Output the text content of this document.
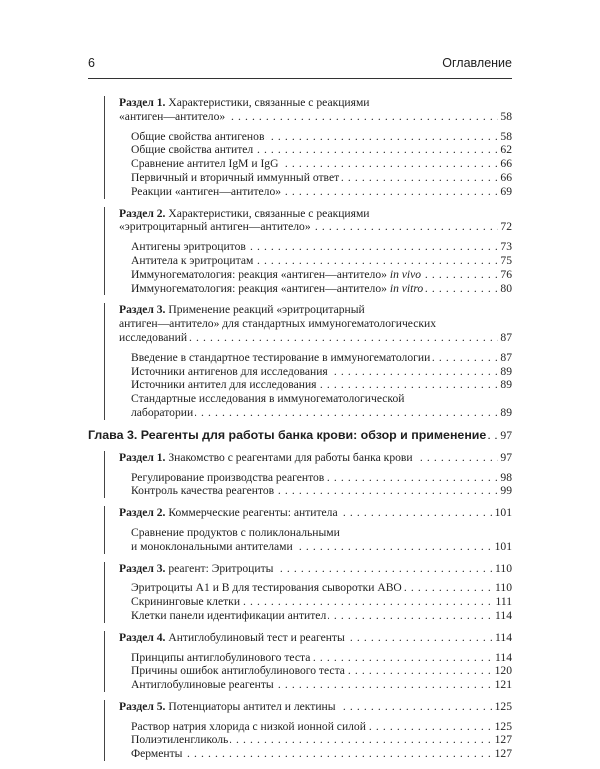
6	Оглавление
Раздел 1. Характеристики, связанные с реакциями
«антиген—антитело»	58
. . .
Общие свойства антигенов	58
. . .
Общие свойства антител	62
. . .
Сравнение антител IgM и IgG	66
. . .
Первичный и вторичный иммунный ответ	66
. . .
Реакции «антиген—антитело»	69
. . .
Раздел 2. Характеристики, связанные с реакциями
«эритроцитарный антиген—антитело»	72
. . .
Антигены эритроцитов	73
. . .
Антитела к эритроцитам	75
. . .
Иммуногематология: реакция «антиген—антитело» in vivo	76
. . .
Иммуногематология: реакция «антиген—антитело» in vitro	80
. . .
Раздел 3. Применение реакций «эритроцитарный
антиген—антитело» для стандартных иммуногематологических
исследований	87
. . .
Введение в стандартное тестирование в иммуногематологии	87
. . .
Источники антигенов для исследования	89
. . .
Источники антител для исследования	89
. . .
Стандартные исследования в иммуногематологической
лаборатории	89
. . .
Глава 3. Реагенты для работы банка крови: обзор и применение 97
. . .
Раздел 1. Знакомство с реагентами для работы банка крови	97
. . .
Регулирование производства реагентов	98
. . .
Контроль качества реагентов	99
. . .
Раздел 2. Коммерческие реагенты: антитела	101
. . .
Сравнение продуктов с поликлональными
и моноклональными антителами	101
. . .
Раздел 3. реагент: Эритроциты	110
. . .
Эритроциты A1 и B для тестирования сыворотки ABO	110
. . .
Скрининговые клетки	111
. . .
Клетки панели идентификации антител	114
. . .
Раздел 4. Антиглобулиновый тест и реагенты	114
. . .
Принципы антиглобулинового теста	114
. . .
Причины ошибок антиглобулинового теста	120
. . .
Антиглобулиновые реагенты	121
. . .
Раздел 5. Потенциаторы антител и лектины	125
. . .
Раствор натрия хлорида с низкой ионной силой	125
. . .
Полиэтиленгликоль	127
. . .
Ферменты	127
. . .
